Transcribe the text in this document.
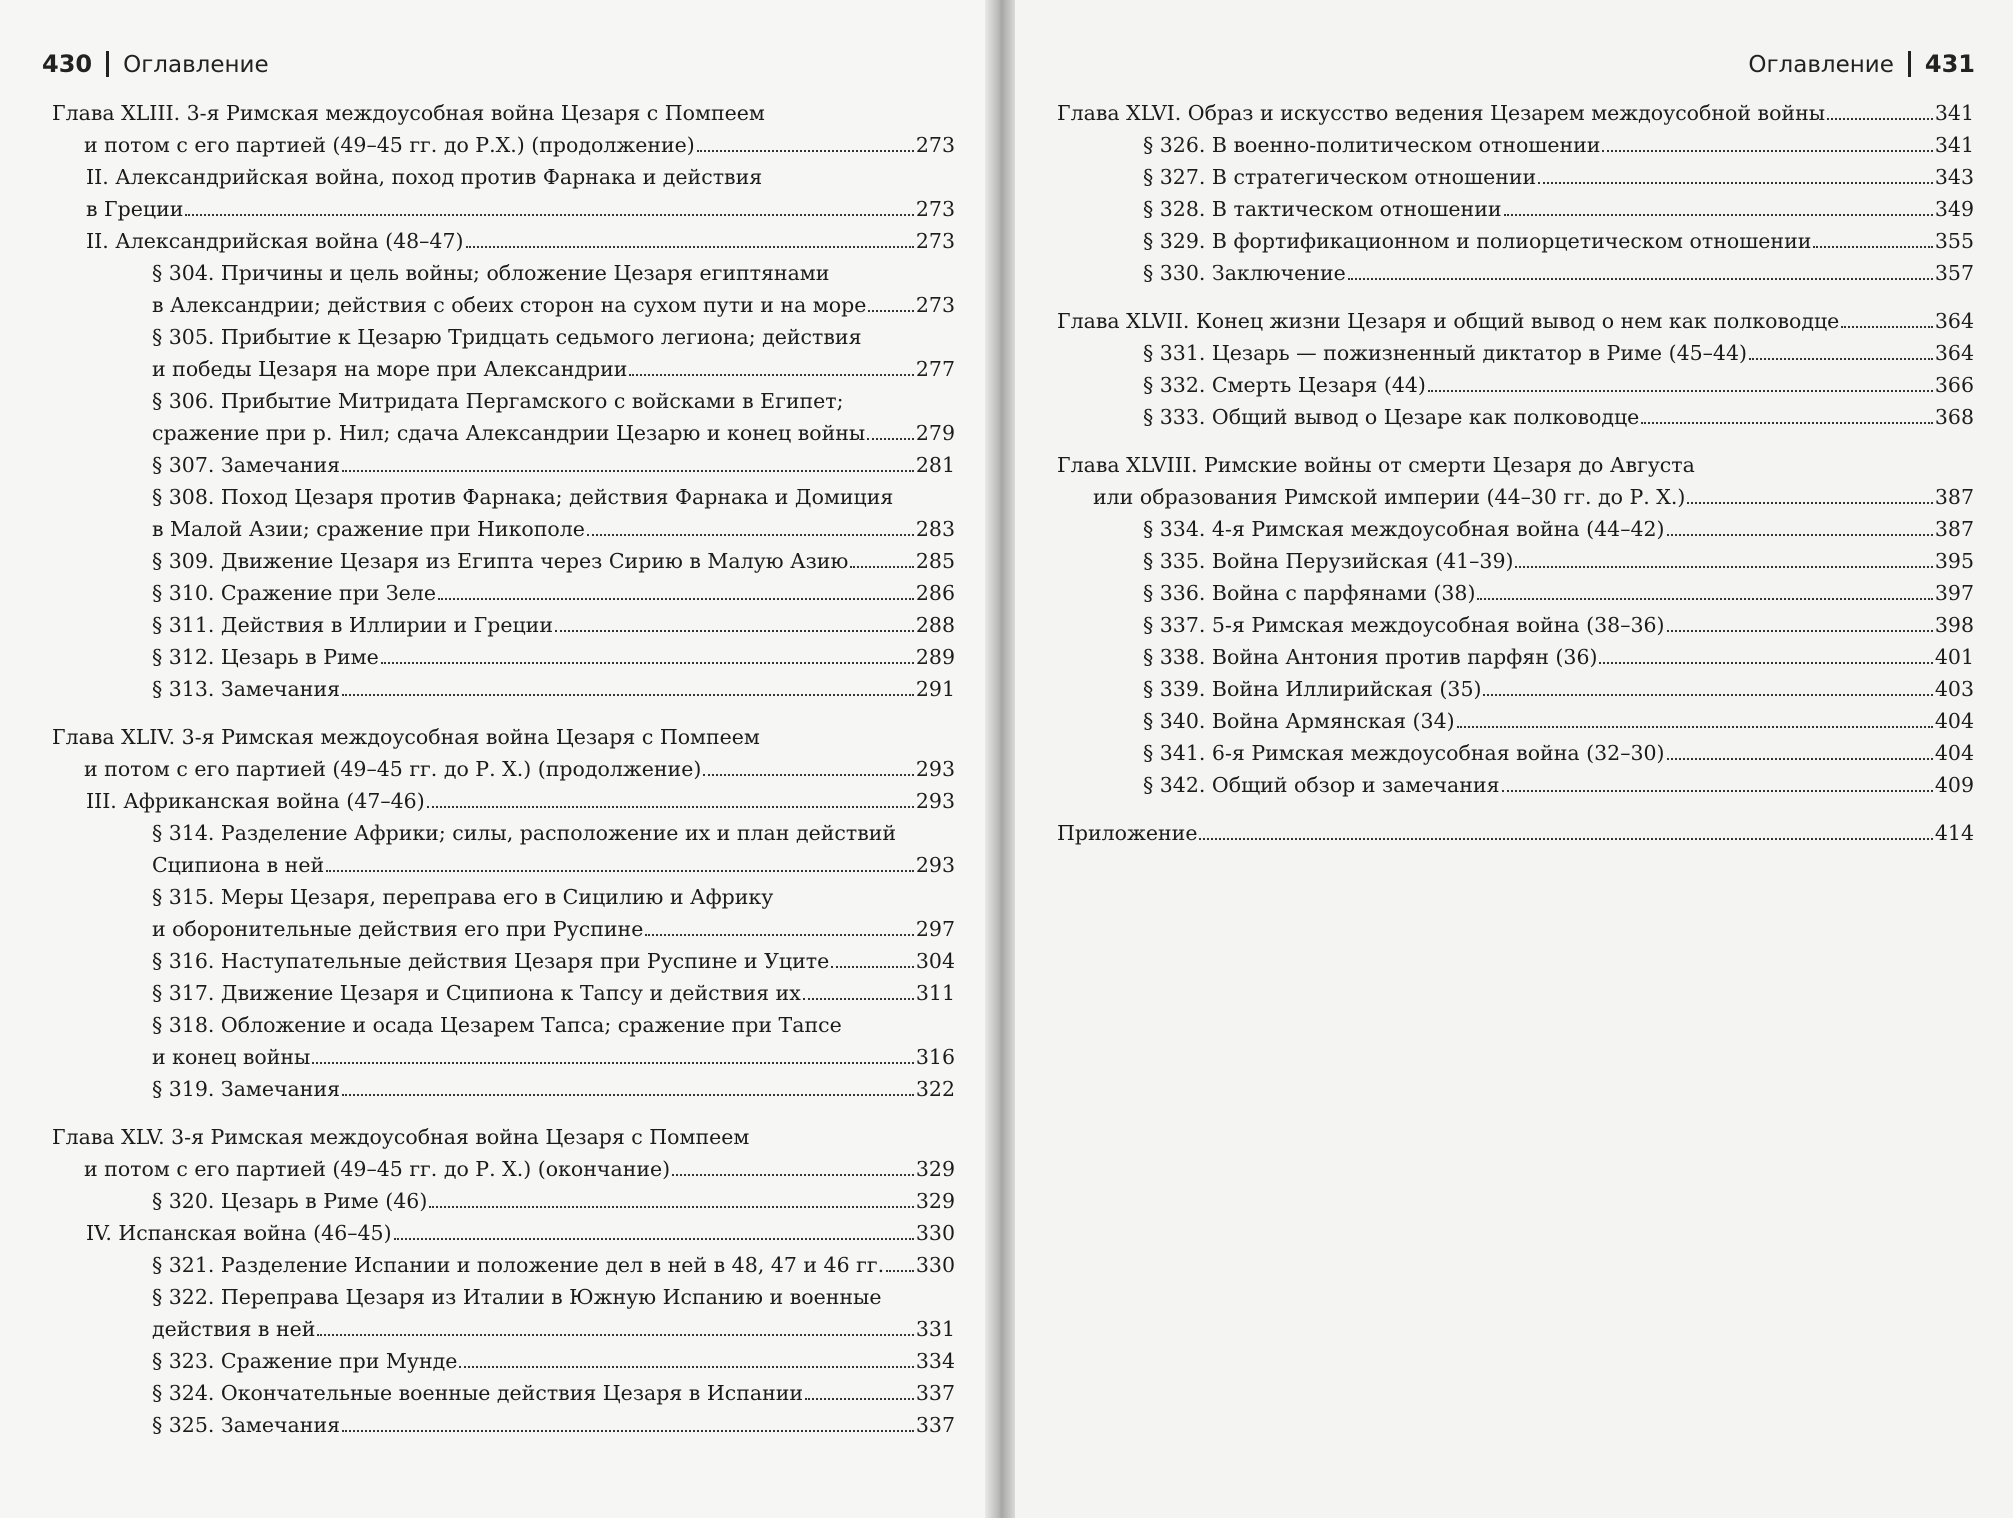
430 Оглавление
Глава XLIII. 3-я Римская междоусобная война Цезаря с Помпеем
и потом с его партией (49–45 гг. до Р.Х.) (продолжение)	273
II. Александрийская война, поход против Фарнака и действия
в Греции	273
II. Александрийская война (48–47)	273
§ 304. Причины и цель войны; обложение Цезаря египтянами
в Александрии; действия с обеих сторон на сухом пути и на море 273
§ 305. Прибытие к Цезарю Тридцать седьмого легиона; действия
и победы Цезаря на море при Александрии	277
§ 306. Прибытие Митридата Пергамского с войсками в Египет;
сражение при р. Нил; сдача Александрии Цезарю и конец войны 279
§ 307. Замечания	281
§ 308. Поход Цезаря против Фарнака; действия Фарнака и Домиция
в Малой Азии; сражение при Никополе	283
§ 309. Движение Цезаря из Египта через Сирию в Малую Азию	285
§ 310. Сражение при Зеле	286
§ 311. Действия в Иллирии и Греции	288
§ 312. Цезарь в Риме	289
§ 313. Замечания	291
Глава XLIV. 3-я Римская междоусобная война Цезаря с Помпеем
и потом с его партией (49–45 гг. до Р. Х.) (продолжение)	293
III. Африканская война (47–46)	293
§ 314. Разделение Африки; силы, расположение их и план действий
Сципиона в ней	293
§ 315. Меры Цезаря, переправа его в Сицилию и Африку
и оборонительные действия его при Руспине	297
§ 316. Наступательные действия Цезаря при Руспине и Уците	304
§ 317. Движение Цезаря и Сципиона к Тапсу и действия их	311
§ 318. Обложение и осада Цезарем Тапса; сражение при Тапсе
и конец войны	316
§ 319. Замечания	322
Глава XLV. 3-я Римская междоусобная война Цезаря с Помпеем
и потом с его партией (49–45 гг. до Р. Х.) (окончание)	329
§ 320. Цезарь в Риме (46)	329
IV. Испанская война (46–45)	330
§ 321. Разделение Испании и положение дел в ней в 48, 47 и 46 гг. 330
§ 322. Переправа Цезаря из Италии в Южную Испанию и военные
действия в ней	331
§ 323. Сражение при Мунде	334
§ 324. Окончательные военные действия Цезаря в Испании	337
§ 325. Замечания	337
Оглавление 431
Глава XLVI. Образ и искусство ведения Цезарем междоусобной войны	341
§ 326. В военно-политическом отношении	341
§ 327. В стратегическом отношении	343
§ 328. В тактическом отношении	349
§ 329. В фортификационном и полиорцетическом отношении	355
§ 330. Заключение	357
Глава XLVII. Конец жизни Цезаря и общий вывод о нем как полководце	364
§ 331. Цезарь — пожизненный диктатор в Риме (45–44)	364
§ 332. Смерть Цезаря (44)	366
§ 333. Общий вывод о Цезаре как полководце	368
Глава XLVIII. Римские войны от смерти Цезаря до Августа
или образования Римской империи (44–30 гг. до Р. Х.)	387
§ 334. 4-я Римская междоусобная война (44–42)	387
§ 335. Война Перузийская (41–39)	395
§ 336. Война с парфянами (38)	397
§ 337. 5-я Римская междоусобная война (38–36)	398
§ 338. Война Антония против парфян (36)	401
§ 339. Война Иллирийская (35)	403
§ 340. Война Армянская (34)	404
§ 341. 6-я Римская междоусобная война (32–30)	404
§ 342. Общий обзор и замечания	409
Приложение	414
